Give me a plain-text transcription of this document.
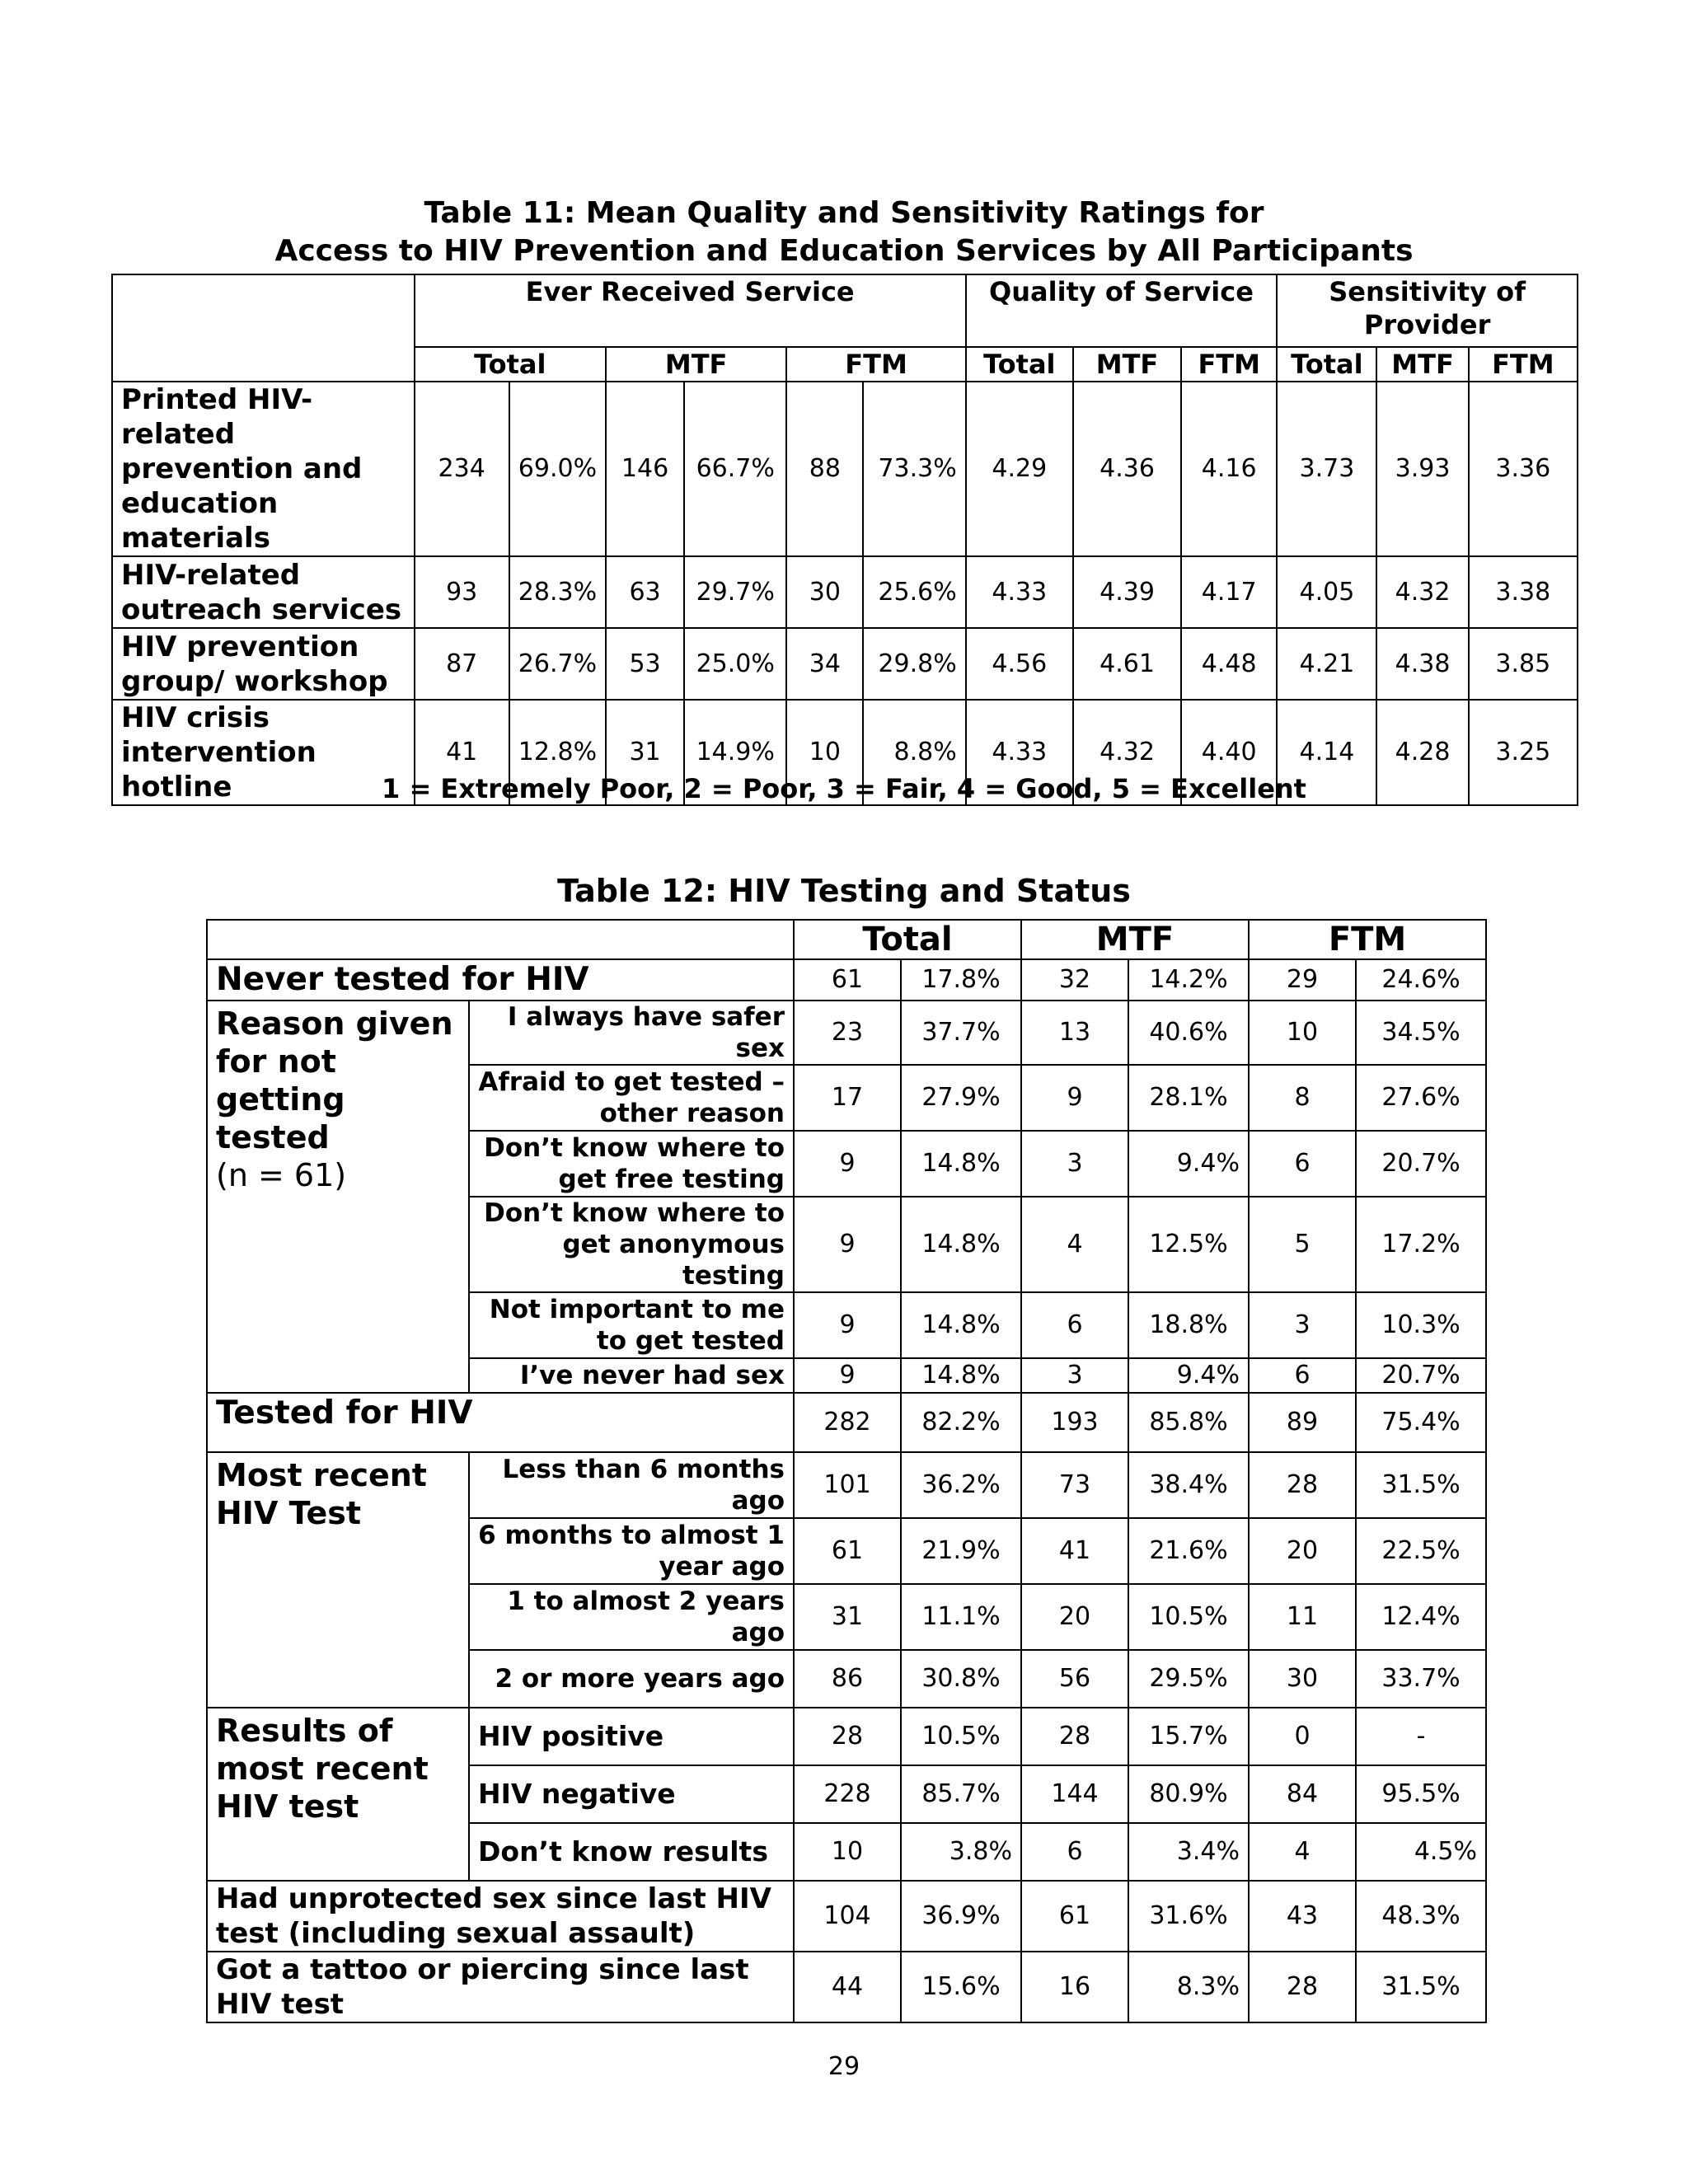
Table 11: Mean Quality and Sensitivity Ratings for
Access to HIV Prevention and Education Services by All Participants
	Ever Received Service						Quality of Service			Sensitivity of Provider		
	Total		MTF		FTM		Total	MTF	FTM	Total	MTF	FTM
Printed HIV-related prevention and education materials	234	69.0%	146	66.7%	88	73.3%	4.29	4.36	4.16	3.73	3.93	3.36
HIV-related outreach services	93	28.3%	63	29.7%	30	25.6%	4.33	4.39	4.17	4.05	4.32	3.38
HIV prevention group/ workshop	87	26.7%	53	25.0%	34	29.8%	4.56	4.61	4.48	4.21	4.38	3.85
HIV crisis intervention hotline	41	12.8%	31	14.9%	10	8.8%	4.33	4.32	4.40	4.14	4.28	3.25
1 = Extremely Poor, 2 = Poor, 3 = Fair, 4 = Good, 5 = Excellent
Table 12: HIV Testing and Status
		Total		MTF		FTM	
Never tested for HIV		61	17.8%	32	14.2%	29	24.6%

Reason given for not getting tested
(n = 61)	I always have safer sex	23	37.7%	13	40.6%	10	34.5%
	Afraid to get tested – other reason	17	27.9%	9	28.1%	8	27.6%
	Don’t know where to get free testing	9	14.8%	3	9.4%	6	20.7%
	Don’t know where to get anonymous testing	9	14.8%	4	12.5%	5	17.2%
	Not important to me to get tested	9	14.8%	6	18.8%	3	10.3%
	I’ve never had sex	9	14.8%	3	9.4%	6	20.7%
Tested for HIV		282	82.2%	193	85.8%	89	75.4%
Most recent HIV Test	Less than 6 months ago	101	36.2%	73	38.4%	28	31.5%
	6 months to almost 1 year ago	61	21.9%	41	21.6%	20	22.5%
	1 to almost 2 years ago	31	11.1%	20	10.5%	11	12.4%
	2 or more years ago	86	30.8%	56	29.5%	30	33.7%
Results of most recent HIV test	HIV positive	28	10.5%	28	15.7%	0	-
	HIV negative	228	85.7%	144	80.9%	84	95.5%
	Don’t know results	10	3.8%	6	3.4%	4	4.5%
Had unprotected sex since last HIV test (including sexual assault)		104	36.9%	61	31.6%	43	48.3%
Got a tattoo or piercing since last HIV test		44	15.6%	16	8.3%	28	31.5%
29
